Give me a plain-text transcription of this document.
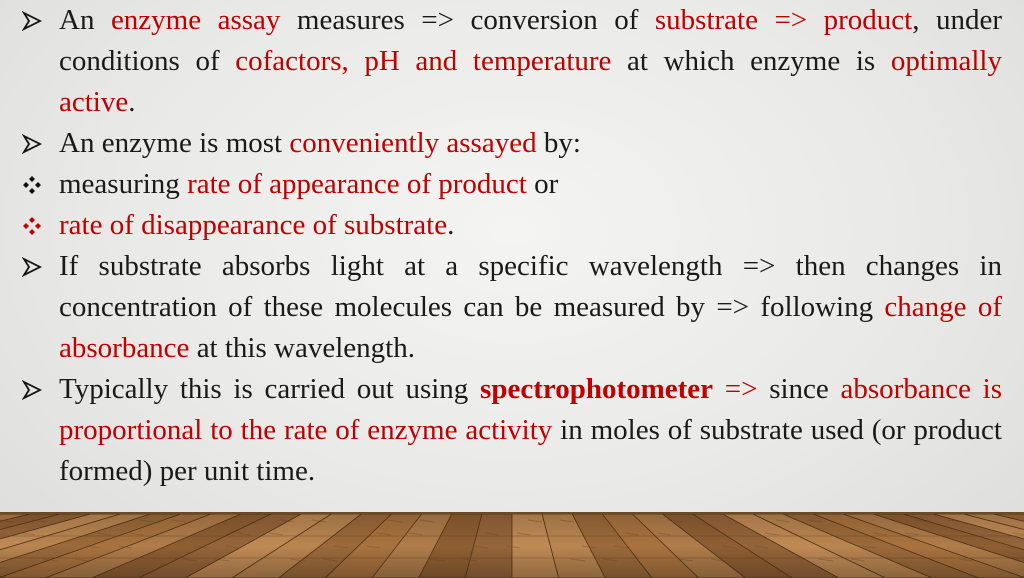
An enzyme assay measures => conversion of substrate => product, under conditions of cofactors, pH and temperature at which enzyme is optimally active.
An enzyme is most conveniently assayed by:
measuring rate of appearance of product or
rate of disappearance of substrate.
If substrate absorbs light at a specific wavelength => then changes in concentration of these molecules can be measured by => following change of absorbance at this wavelength.
Typically this is carried out using spectrophotometer => since absorbance is proportional to the rate of enzyme activity in moles of substrate used (or product formed) per unit time.
